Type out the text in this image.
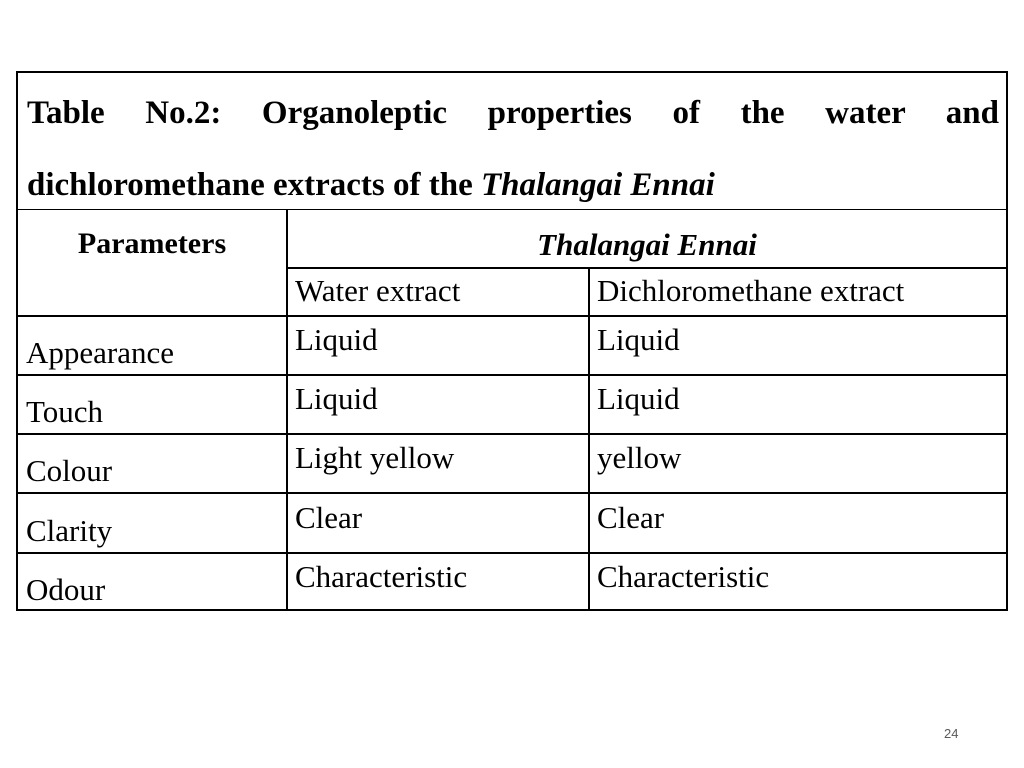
Table No.2: Organoleptic properties of the water and
dichloromethane extracts of the Thalangai Ennai
Parameters	Thalangai Ennai
Water extract	Dichloromethane extract
Appearance	Liquid	Liquid
Touch	Liquid	Liquid
Colour	Light yellow	yellow
Clarity	Clear	Clear
Odour	Characteristic	Characteristic
24
